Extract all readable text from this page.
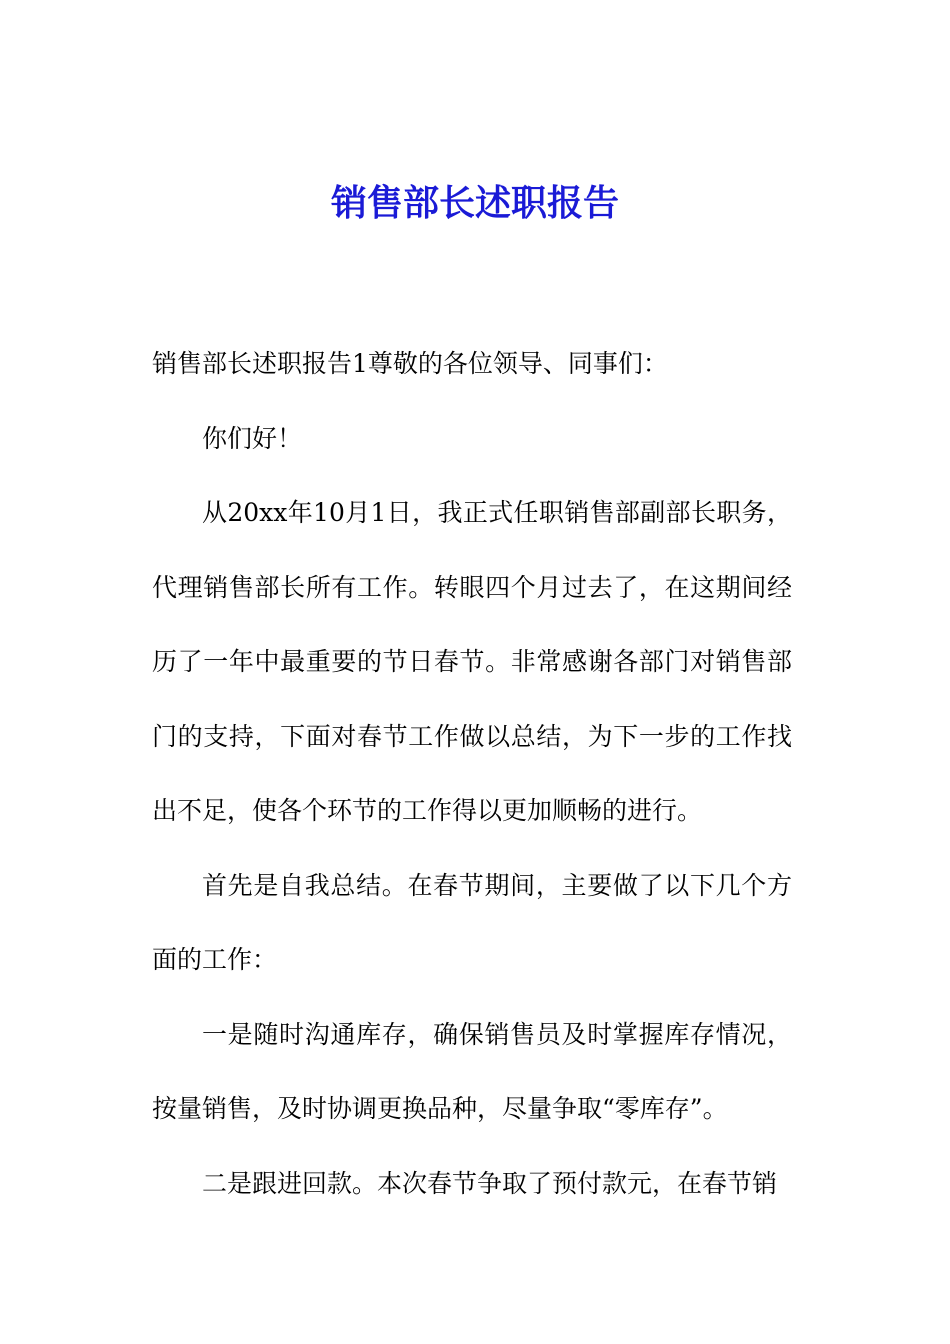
销售部长述职报告

销售部长述职报告1尊敬的各位领导、同事们：

你们好！

从20xx年10月1日，我正式任职销售部副部长职务，代理销售部长所有工作。转眼四个月过去了，在这期间经历了一年中最重要的节日春节。非常感谢各部门对销售部门的支持，下面对春节工作做以总结，为下一步的工作找出不足，使各个环节的工作得以更加顺畅的进行。

首先是自我总结。在春节期间，主要做了以下几个方面的工作：

一是随时沟通库存，确保销售员及时掌握库存情况，按量销售，及时协调更换品种，尽量争取“零库存”。

二是跟进回款。本次春节争取了预付款元，在春节销
